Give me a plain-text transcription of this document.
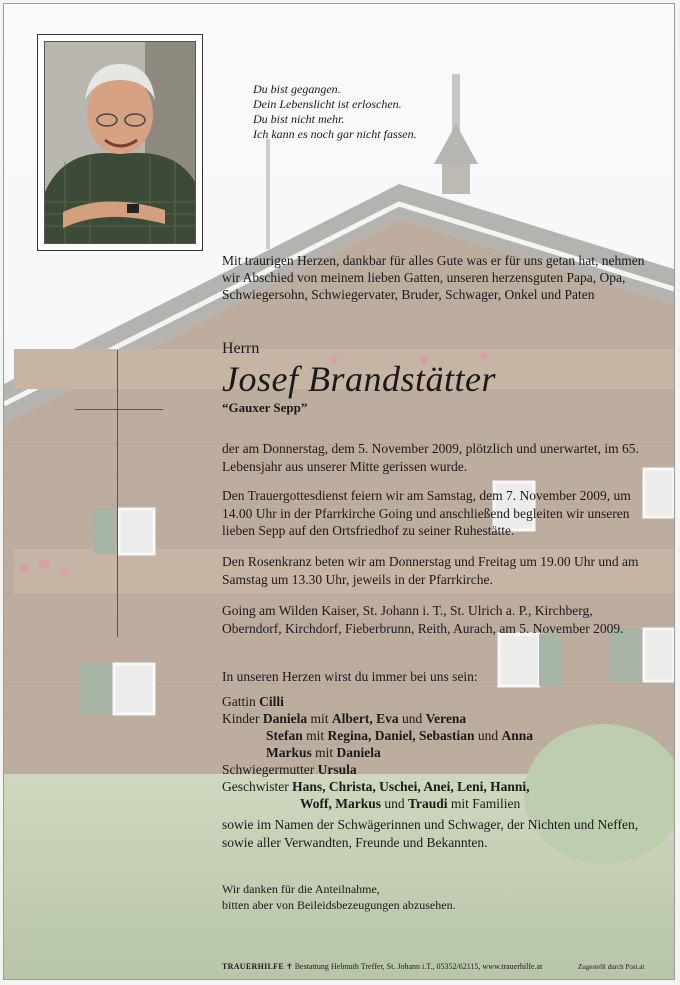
Du bist gegangen.
Dein Lebenslicht ist erloschen.
Du bist nicht mehr.
Ich kann es noch gar nicht fassen.
Mit traurigen Herzen, dankbar für alles Gute was er für uns getan hat, nehmen wir Abschied von meinem lieben Gatten, unseren herzensguten Papa, Opa, Schwiegersohn, Schwiegervater, Bruder, Schwager, Onkel und Paten
Herrn
Josef Brandstätter
“Gauxer Sepp”
der am Donnerstag, dem 5. November 2009, plötzlich und unerwartet, im 65. Lebensjahr aus unserer Mitte gerissen wurde.
Den Trauergottesdienst feiern wir am Samstag, dem 7. November 2009, um 14.00 Uhr in der Pfarrkirche Going und anschließend begleiten wir unseren lieben Sepp auf den Ortsfriedhof zu seiner Ruhestätte.
Den Rosenkranz beten wir am Donnerstag und Freitag um 19.00 Uhr und am Samstag um 13.30 Uhr, jeweils in der Pfarrkirche.
Going am Wilden Kaiser, St. Johann i. T., St. Ulrich a. P., Kirchberg, Oberndorf, Kirchdorf, Fieberbrunn, Reith, Aurach, am 5. November 2009.
In unseren Herzen wirst du immer bei uns sein:
Gattin Cilli
Kinder Daniela mit Albert, Eva und Verena
Stefan mit Regina, Daniel, Sebastian und Anna
Markus mit Daniela
Schwiegermutter Ursula
Geschwister Hans, Christa, Uschei, Anei, Leni, Hanni,
Woff, Markus und Traudi mit Familien
sowie im Namen der Schwägerinnen und Schwager, der Nichten und Neffen, sowie aller Verwandten, Freunde und Bekannten.
Wir danken für die Anteilnahme,
bitten aber von Beileidsbezeugungen abzusehen.
TRAUERHILFE ✝ Bestattung Helmuth Treffer, St. Johann i.T., 05352/62115, www.trauerhilfe.at	Zugestellt durch Post.at
